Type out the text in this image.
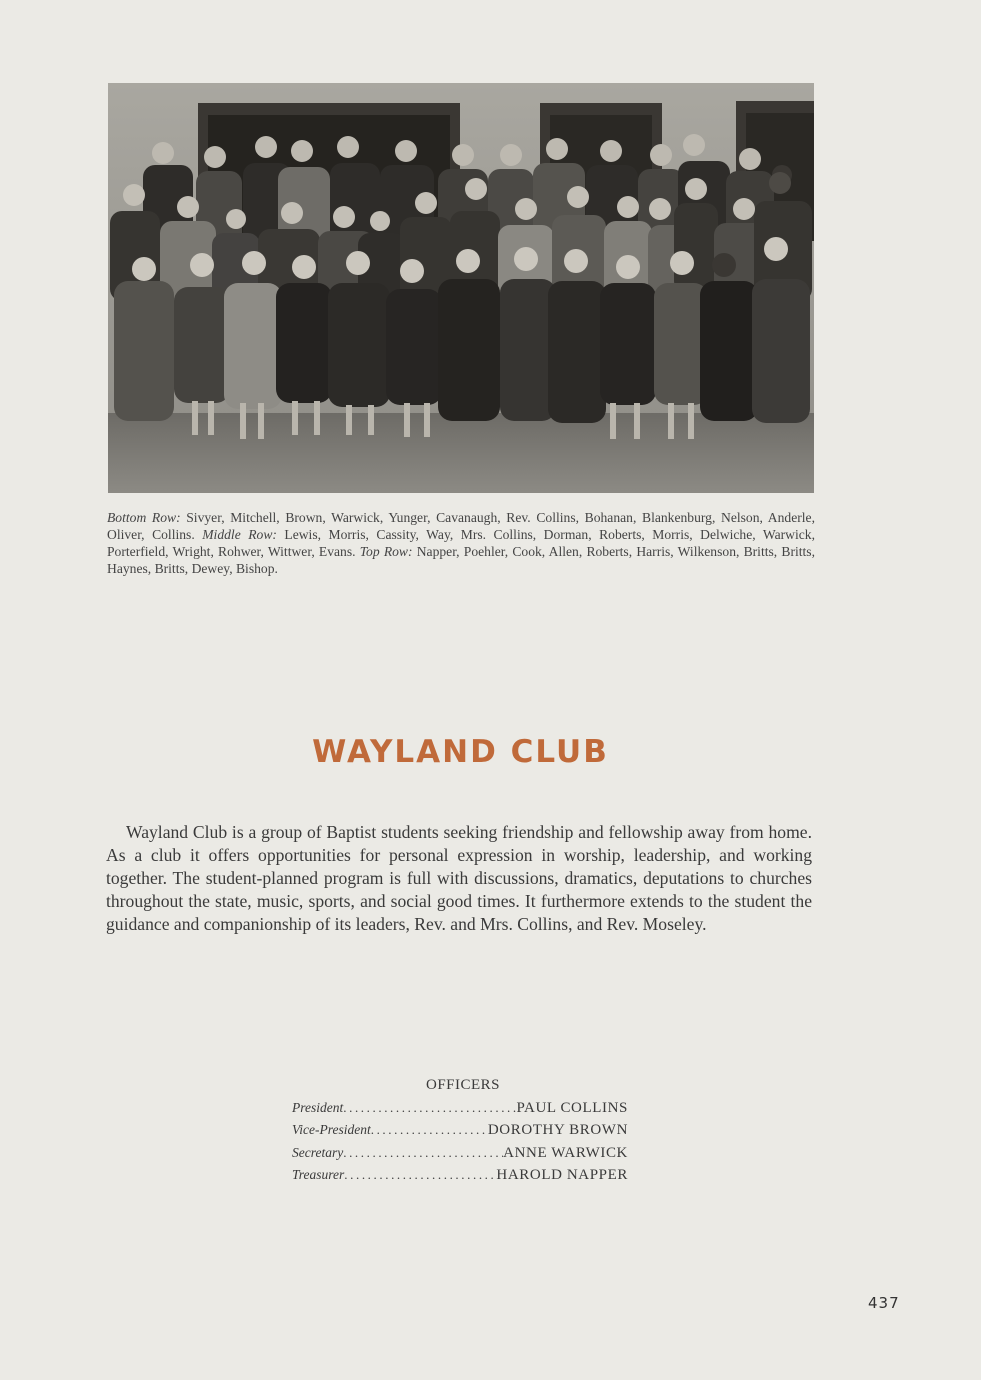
Bottom Row: Sivyer, Mitchell, Brown, Warwick, Yunger, Cavanaugh, Rev. Collins, Bohanan, Blankenburg, Nelson, Anderle, Oliver, Collins. Middle Row: Lewis, Morris, Cassity, Way, Mrs. Collins, Dorman, Roberts, Morris, Delwiche, Warwick, Porterfield, Wright, Rohwer, Wittwer, Evans. Top Row: Napper, Poehler, Cook, Allen, Roberts, Harris, Wilkenson, Britts, Britts, Haynes, Britts, Dewey, Bishop.
WAYLAND CLUB
Wayland Club is a group of Baptist students seeking friendship and fellowship away from home. As a club it offers opportunities for personal expression in worship, leadership, and working together. The student-planned program is full with discussions, dramatics, deputations to churches throughout the state, music, sports, and social good times. It furthermore extends to the student the guidance and companionship of its leaders, Rev. and Mrs. Collins, and Rev. Moseley.
OFFICERS
President .....	PAUL COLLINS
Vice-President .....	DOROTHY BROWN
Secretary .....	ANNE WARWICK
Treasurer .....	HAROLD NAPPER
437
